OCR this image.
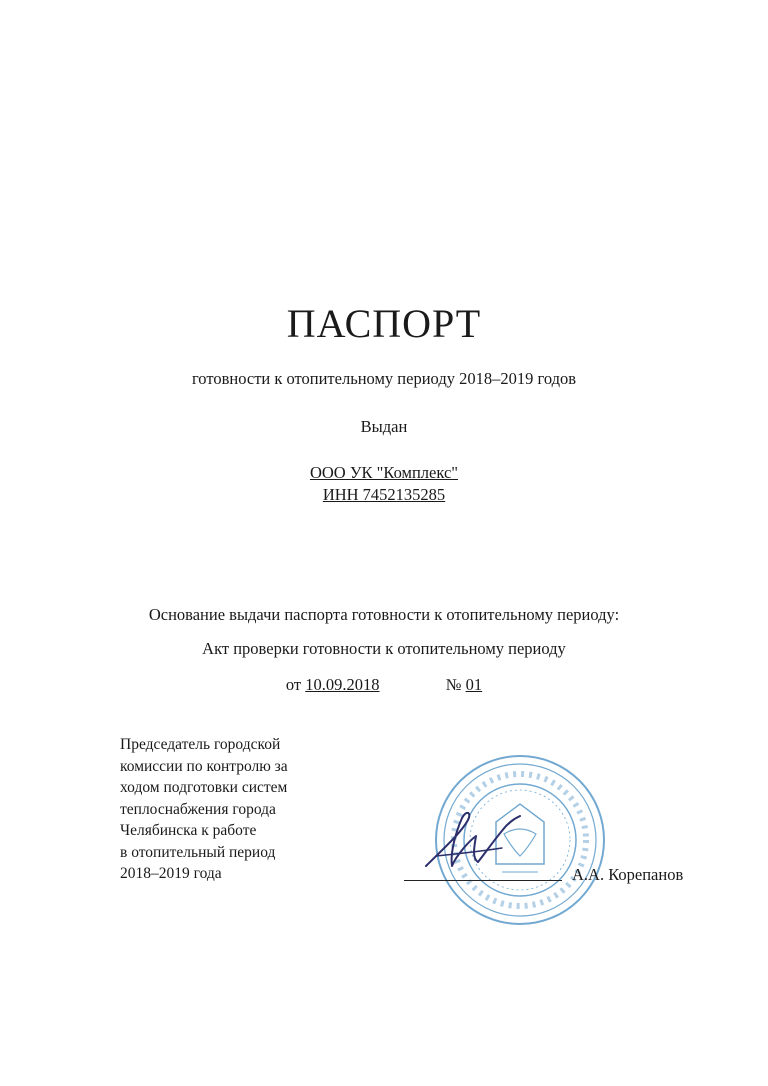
ПАСПОРТ
готовности к отопительному периоду 2018–2019 годов
Выдан
ООО УК "Комплекс"
ИНН 7452135285
Основание выдачи паспорта готовности к отопительному периоду:
Акт проверки готовности к отопительному периоду
от 10.09.2018	№ 01
Председатель городской
комиссии по контролю за
ходом подготовки систем
теплоснабжения города
Челябинска к работе
в отопительный период
2018–2019 года	А.А. Корепанов
